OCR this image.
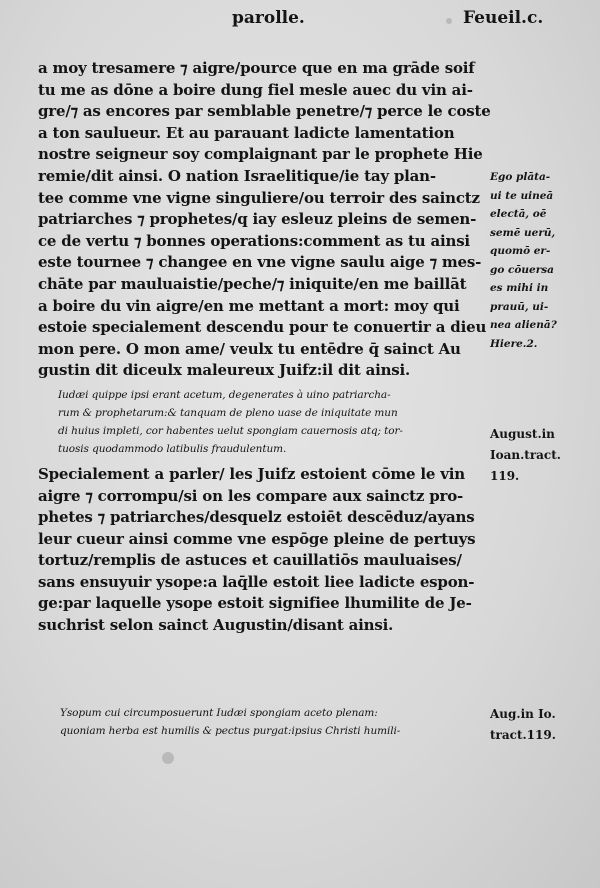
parolle.	Feueil.c.
a moy tresamere ⁊ aigre/pource que en ma grāde soif
tu me as dōne a boire dung fiel mesle auec du vin ai-
gre/⁊ as encores par semblable penetre/⁊ perce le coste
a ton saulueur. Et au parauant ladicte lamentation
nostre seigneur soy complaignant par le prophete Hie
remie/dit ainsi. O nation Israelitique/ie tay plan-
tee comme vne vigne singuliere/ou terroir des sainctz
patriarches ⁊ prophetes/q iay esleuz pleins de semen-
ce de vertu ⁊ bonnes operations:comment as tu ainsi
este tournee ⁊ changee en vne vigne saulu aige ⁊ mes-
chāte par mauluaistie/peche/⁊ iniquite/en me baillāt
a boire du vin aigre/en me mettant a mort: moy qui
estoie specialement descendu pour te conuertir a dieu
mon pere. O mon ame/ veulx tu entēdre q̄ sainct Au
gustin dit diceulx maleureux Juifz:il dit ainsi.
Iudæi quippe ipsi erant acetum, degenerates à uino patriarcha-
rum & prophetarum:& tanquam de pleno uase de iniquitate mun
di huius impleti, cor habentes uelut spongiam cauernosis atq; tor-
tuosis quodammodo latibulis fraudulentum.
Specialement a parler/ les Juifz estoient cōme le vin
aigre ⁊ corrompu/si on les compare aux sainctz pro-
phetes ⁊ patriarches/desquelz estoiēt descēduz/ayans
leur cueur ainsi comme vne espōge pleine de pertuys
tortuz/remplis de astuces et cauillatiōs mauluaises/
sans ensuyuir ysope:a laq̄lle estoit liee ladicte espon-
ge:par laquelle ysope estoit signifiee lhumilite de Je-
suchrist selon sainct Augustin/disant ainsi.
Ysopum cui circumposuerunt Iudæi spongiam aceto plenam:
quoniam herba est humilis & pectus purgat:ipsius Christi humili-
Ego plāta-
ui te uineā
electā, oē
semē uerū,
quomō er-
go cōuersa
es mihi in
prauū, ui-
nea alienā?
Hiere.2.
August.in
Ioan.tract.
119.
Aug.in Io.
tract.119.
